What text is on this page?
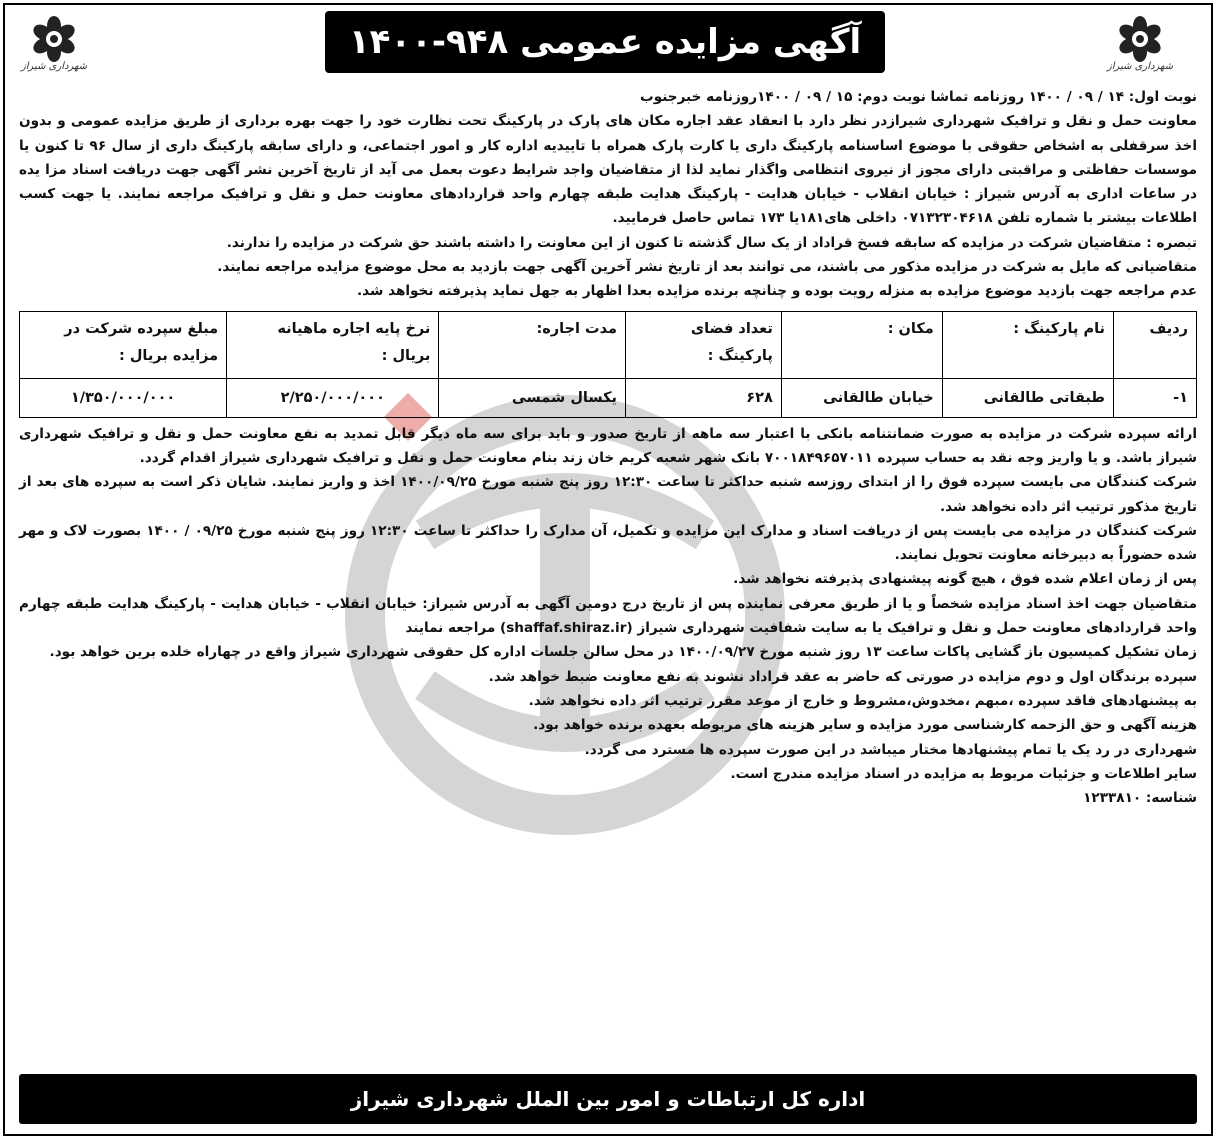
شهرداری شیراز
آگهی مزایده عمومی ۹۴۸-۱۴۰۰
شهرداری شیراز

نوبت اول: ۱۴ / ۰۹ / ۱۴۰۰ روزنامه تماشا نوبت دوم: ۱۵ / ۰۹ / ۱۴۰۰روزنامه خبرجنوب

معاونت حمل و نقل و ترافیک شهرداری شیرازدر نظر دارد با انعقاد عقد اجاره مکان های پارک در پارکینگ تحت نظارت خود را جهت بهره برداری از طریق مزایده عمومی و بدون اخذ سرقفلی به اشخاص حقوقی با موضوع اساسنامه پارکینگ داری یا کارت پارک همراه با تاییدیه اداره کار و امور اجتماعی، و دارای سابقه پارکینگ داری از سال ۹۶ تا کنون یا موسسات حفاظتی و مراقبتی دارای مجوز از نیروی انتظامی واگذار نماید لذا از متقاضیان واجد شرایط دعوت بعمل می آید از تاریخ آخرین نشر آگهی جهت دریافت اسناد مزا یده در ساعات اداری به آدرس شیراز : خیابان انقلاب - خیابان هدایت - پارکینگ هدایت طبقه چهارم واحد قراردادهای معاونت حمل و نقل و ترافیک مراجعه نمایند. یا جهت کسب اطلاعات بیشتر با شماره تلفن ۰۷۱۳۲۳۰۴۶۱۸ داخلی های۱۸۱یا ۱۷۳ تماس حاصل فرمایید.

تبصره : متقاضیان شرکت در مزایده که سابقه فسخ قراداد از یک سال گذشته تا کنون از این معاونت را داشته باشند حق شرکت در مزایده را ندارند.

متقاضیانی که مایل به شرکت در مزایده مذکور می باشند، می توانند بعد از تاریخ نشر آخرین آگهی جهت بازدید به محل موضوع مزایده مراجعه نمایند.

عدم مراجعه جهت بازدید موضوع مزایده به منزله رویت بوده و چنانچه برنده مزایده بعدا اظهار به جهل نماید پذیرفته نخواهد شد.

ردیف	نام پارکینگ :	مکان :	تعداد فضای پارکینگ :	مدت اجاره:	نرخ پایه اجاره ماهیانه بریال :	مبلغ سپرده شرکت در مزایده بریال :
۱-	طبقاتی طالقانی	خیابان طالقانی	۶۲۸	یکسال شمسی	۲/۲۵۰/۰۰۰/۰۰۰	۱/۳۵۰/۰۰۰/۰۰۰

ارائه سپرده شرکت در مزایده به صورت ضمانتنامه بانکی با اعتبار سه ماهه از تاریخ صدور و باید برای سه ماه دیگر قابل تمدید به نفع معاونت حمل و نقل و ترافیک شهرداری شیراز باشد. و یا واریز وجه نقد به حساب سپرده ۷۰۰۱۸۴۹۶۵۷۰۱۱ بانک شهر شعبه کریم خان زند بنام معاونت حمل و نقل و ترافیک شهرداری شیراز اقدام گردد.

شرکت کنندگان می بایست سپرده فوق را از ابتدای روزسه شنبه حداکثر تا ساعت ۱۲:۳۰ روز پنج شنبه مورخ ۱۴۰۰/۰۹/۲۵ اخذ و واریز نمایند. شایان ذکر است به سپرده های بعد از تاریخ مذکور ترتیب اثر داده نخواهد شد.

شرکت کنندگان در مزایده می بایست پس از دریافت اسناد و مدارک این مزایده و تکمیل، آن مدارک را حداکثر تا ساعت ۱۲:۳۰ روز پنج شنبه مورخ ۰۹/۲۵ / ۱۴۰۰ بصورت لاک و مهر شده حضوراً به دبیرخانه معاونت تحویل نمایند.

پس از زمان اعلام شده فوق ، هیچ گونه پیشنهادی پذیرفته نخواهد شد.

متقاضیان جهت اخذ اسناد مزایده شخصاً و یا از طریق معرفی نماینده پس از تاریخ درج دومین آگهی به آدرس شیراز: خیابان انقلاب - خیابان هدایت - پارکینگ هدایت طبقه چهارم واحد قراردادهای معاونت حمل و نقل و ترافیک یا به سایت شفافیت شهرداری شیراز (shaffaf.shiraz.ir) مراجعه نمایند

زمان تشکیل کمیسیون باز گشایی پاکات ساعت ۱۳ روز شنبه مورخ ۱۴۰۰/۰۹/۲۷ در محل سالن جلسات اداره کل حقوقی شهرداری شیراز واقع در چهاراه خلده برین خواهد بود.

سپرده برندگان اول و دوم مزایده در صورتی که حاضر به عقد قراداد نشوند به نفع معاونت ضبط خواهد شد.

به پیشنهادهای فاقد سپرده ،مبهم ،مخدوش،مشروط و خارج از موعد مقرر ترتیب اثر داده نخواهد شد.

هزینه آگهی و حق الزحمه کارشناسی مورد مزایده و سایر هزینه های مربوطه بعهده برنده خواهد بود.

شهرداری در رد یک یا تمام پیشنهادها مختار میباشد در این صورت سپرده ها مسترد می گردد.

سایر اطلاعات و جزئیات مربوط به مزایده در اسناد مزایده مندرج است.

شناسه: ۱۲۳۳۸۱۰

اداره کل ارتباطات و امور بین الملل شهرداری شیراز
